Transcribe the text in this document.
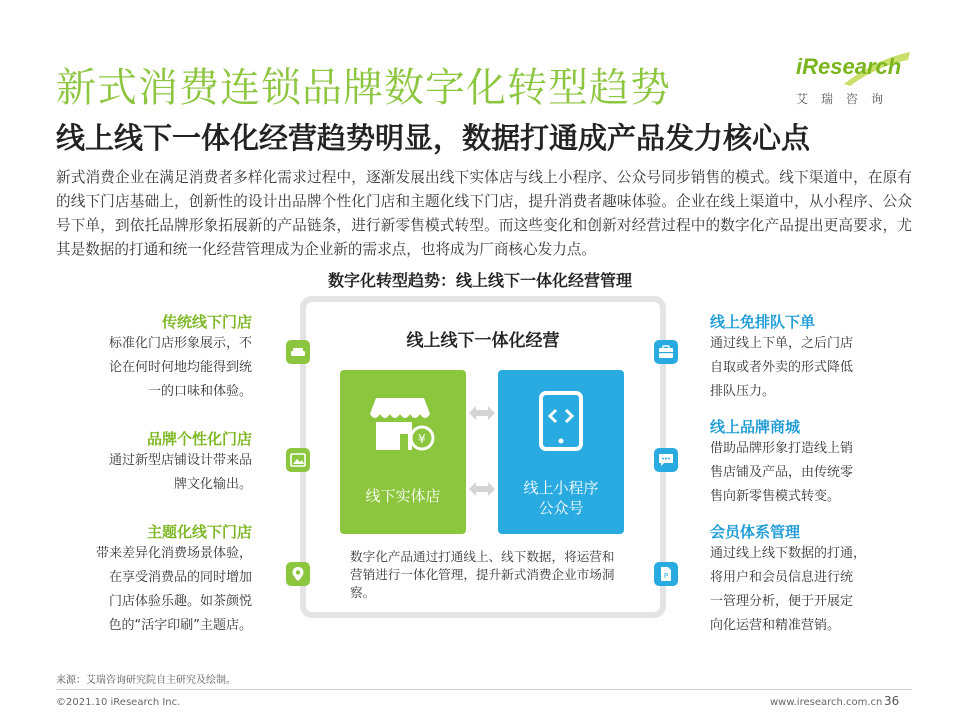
新式消费连锁品牌数字化转型趋势
线上线下一体化经营趋势明显，数据打通成产品发力核心点
iResearch
艾瑞咨询
新式消费企业在满足消费者多样化需求过程中，逐渐发展出线下实体店与线上小程序、公众号同步销售的模式。线下渠道中，在原有的线下门店基础上，创新性的设计出品牌个性化门店和主题化线下门店，提升消费者趣味体验。企业在线上渠道中，从小程序、公众号下单，到依托品牌形象拓展新的产品链条，进行新零售模式转型。而这些变化和创新对经营过程中的数字化产品提出更高要求，尤其是数据的打通和统一化经营管理成为企业新的需求点，也将成为厂商核心发力点。
数字化转型趋势：线上线下一体化经营管理
线上线下一体化经营
¥
线下实体店	线上小程序
公众号
数字化产品通过打通线上、线下数据，将运营和营销进行一体化管理，提升新式消费企业市场洞察。
传统线下门店
标准化门店形象展示，不
论在何时何地均能得到统
一的口味和体验。
品牌个性化门店
通过新型店铺设计带来品
牌文化输出。
主题化线下门店
带来差异化消费场景体验，
在享受消费品的同时增加
门店体验乐趣。如茶颜悦
色的“活字印刷”主题店。
P
线上免排队下单
通过线上下单，之后门店
自取或者外卖的形式降低
排队压力。
线上品牌商城
借助品牌形象打造线上销
售店铺及产品，由传统零
售向新零售模式转变。
会员体系管理
通过线上线下数据的打通，
将用户和会员信息进行统
一管理分析，便于开展定
向化运营和精准营销。
来源：艾瑞咨询研究院自主研究及绘制。
©2021.10 iResearch Inc.	www.iresearch.com.cn 36
